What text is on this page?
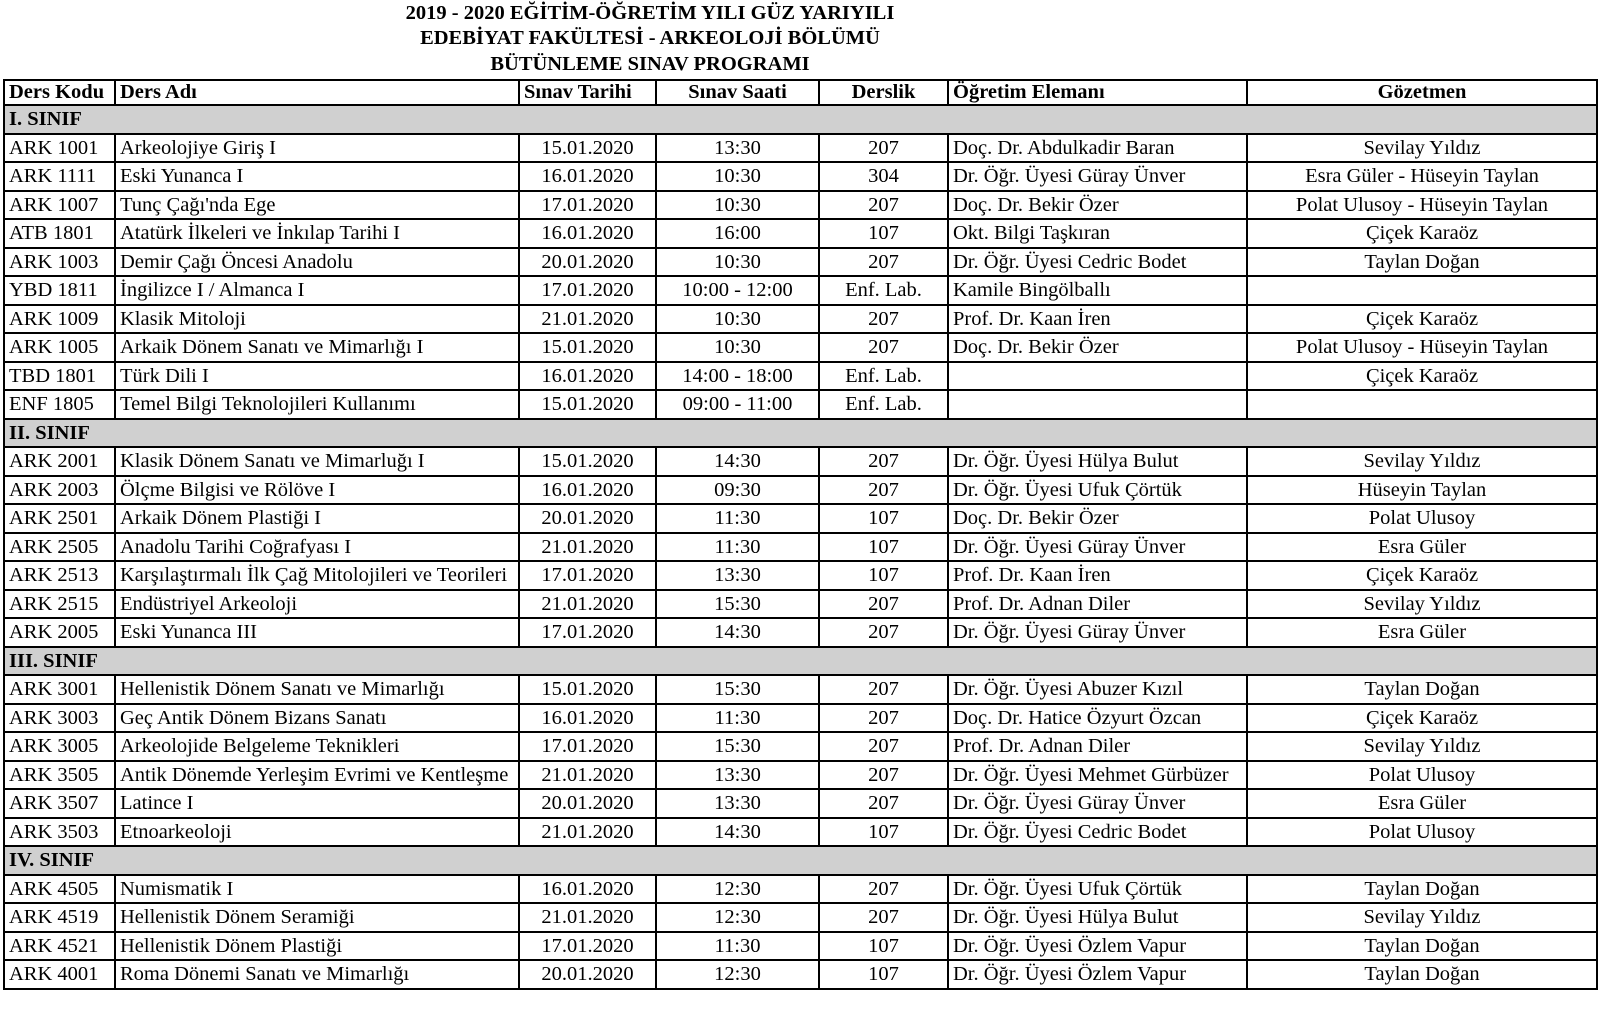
2019 - 2020 EĞİTİM-ÖĞRETİM YILI GÜZ YARIYILI
EDEBİYAT FAKÜLTESİ - ARKEOLOJİ BÖLÜMÜ
BÜTÜNLEME SINAV PROGRAMI
Ders Kodu	Ders Adı	Sınav Tarihi	Sınav Saati	Derslik	Öğretim Elemanı	Gözetmen
I. SINIF						
ARK 1001	Arkeolojiye Giriş I	15.01.2020	13:30	207	Doç. Dr. Abdulkadir Baran	Sevilay Yıldız
ARK 1111	Eski Yunanca I	16.01.2020	10:30	304	Dr. Öğr. Üyesi Güray Ünver	Esra Güler - Hüseyin Taylan
ARK 1007	Tunç Çağı'nda Ege	17.01.2020	10:30	207	Doç. Dr. Bekir Özer	Polat Ulusoy - Hüseyin Taylan
ATB 1801	Atatürk İlkeleri ve İnkılap Tarihi I	16.01.2020	16:00	107	Okt. Bilgi Taşkıran	Çiçek Karaöz
ARK 1003	Demir Çağı Öncesi Anadolu	20.01.2020	10:30	207	Dr. Öğr. Üyesi Cedric Bodet	Taylan Doğan
YBD 1811	İngilizce I / Almanca I	17.01.2020	10:00 - 12:00	Enf. Lab.	Kamile Bingölballı	
ARK 1009	Klasik Mitoloji	21.01.2020	10:30	207	Prof. Dr. Kaan İren	Çiçek Karaöz
ARK 1005	Arkaik Dönem Sanatı ve Mimarlığı I	15.01.2020	10:30	207	Doç. Dr. Bekir Özer	Polat Ulusoy - Hüseyin Taylan
TBD 1801	Türk Dili I	16.01.2020	14:00 - 18:00	Enf. Lab.		Çiçek Karaöz
ENF 1805	Temel Bilgi Teknolojileri Kullanımı	15.01.2020	09:00 - 11:00	Enf. Lab.		
II. SINIF						
ARK 2001	Klasik Dönem Sanatı ve Mimarluğı I	15.01.2020	14:30	207	Dr. Öğr. Üyesi Hülya Bulut	Sevilay Yıldız
ARK 2003	Ölçme Bilgisi ve Rölöve I	16.01.2020	09:30	207	Dr. Öğr. Üyesi Ufuk Çörtük	Hüseyin Taylan
ARK 2501	Arkaik Dönem Plastiği I	20.01.2020	11:30	107	Doç. Dr. Bekir Özer	Polat Ulusoy
ARK 2505	Anadolu Tarihi Coğrafyası I	21.01.2020	11:30	107	Dr. Öğr. Üyesi Güray Ünver	Esra Güler
ARK 2513	Karşılaştırmalı İlk Çağ Mitolojileri ve Teorileri	17.01.2020	13:30	107	Prof. Dr. Kaan İren	Çiçek Karaöz
ARK 2515	Endüstriyel Arkeoloji	21.01.2020	15:30	207	Prof. Dr. Adnan Diler	Sevilay Yıldız
ARK 2005	Eski Yunanca III	17.01.2020	14:30	207	Dr. Öğr. Üyesi Güray Ünver	Esra Güler
III. SINIF						
ARK 3001	Hellenistik Dönem Sanatı ve Mimarlığı	15.01.2020	15:30	207	Dr. Öğr. Üyesi Abuzer Kızıl	Taylan Doğan
ARK 3003	Geç Antik Dönem Bizans Sanatı	16.01.2020	11:30	207	Doç. Dr. Hatice Özyurt Özcan	Çiçek Karaöz
ARK 3005	Arkeolojide Belgeleme Teknikleri	17.01.2020	15:30	207	Prof. Dr. Adnan Diler	Sevilay Yıldız
ARK 3505	Antik Dönemde Yerleşim Evrimi ve Kentleşme	21.01.2020	13:30	207	Dr. Öğr. Üyesi Mehmet Gürbüzer	Polat Ulusoy
ARK 3507	Latince I	20.01.2020	13:30	207	Dr. Öğr. Üyesi Güray Ünver	Esra Güler
ARK 3503	Etnoarkeoloji	21.01.2020	14:30	107	Dr. Öğr. Üyesi Cedric Bodet	Polat Ulusoy
IV. SINIF						
ARK 4505	Numismatik I	16.01.2020	12:30	207	Dr. Öğr. Üyesi Ufuk Çörtük	Taylan Doğan
ARK 4519	Hellenistik Dönem Seramiği	21.01.2020	12:30	207	Dr. Öğr. Üyesi Hülya Bulut	Sevilay Yıldız
ARK 4521	Hellenistik Dönem Plastiği	17.01.2020	11:30	107	Dr. Öğr. Üyesi Özlem Vapur	Taylan Doğan
ARK 4001	Roma Dönemi Sanatı ve Mimarlığı	20.01.2020	12:30	107	Dr. Öğr. Üyesi Özlem Vapur	Taylan Doğan
